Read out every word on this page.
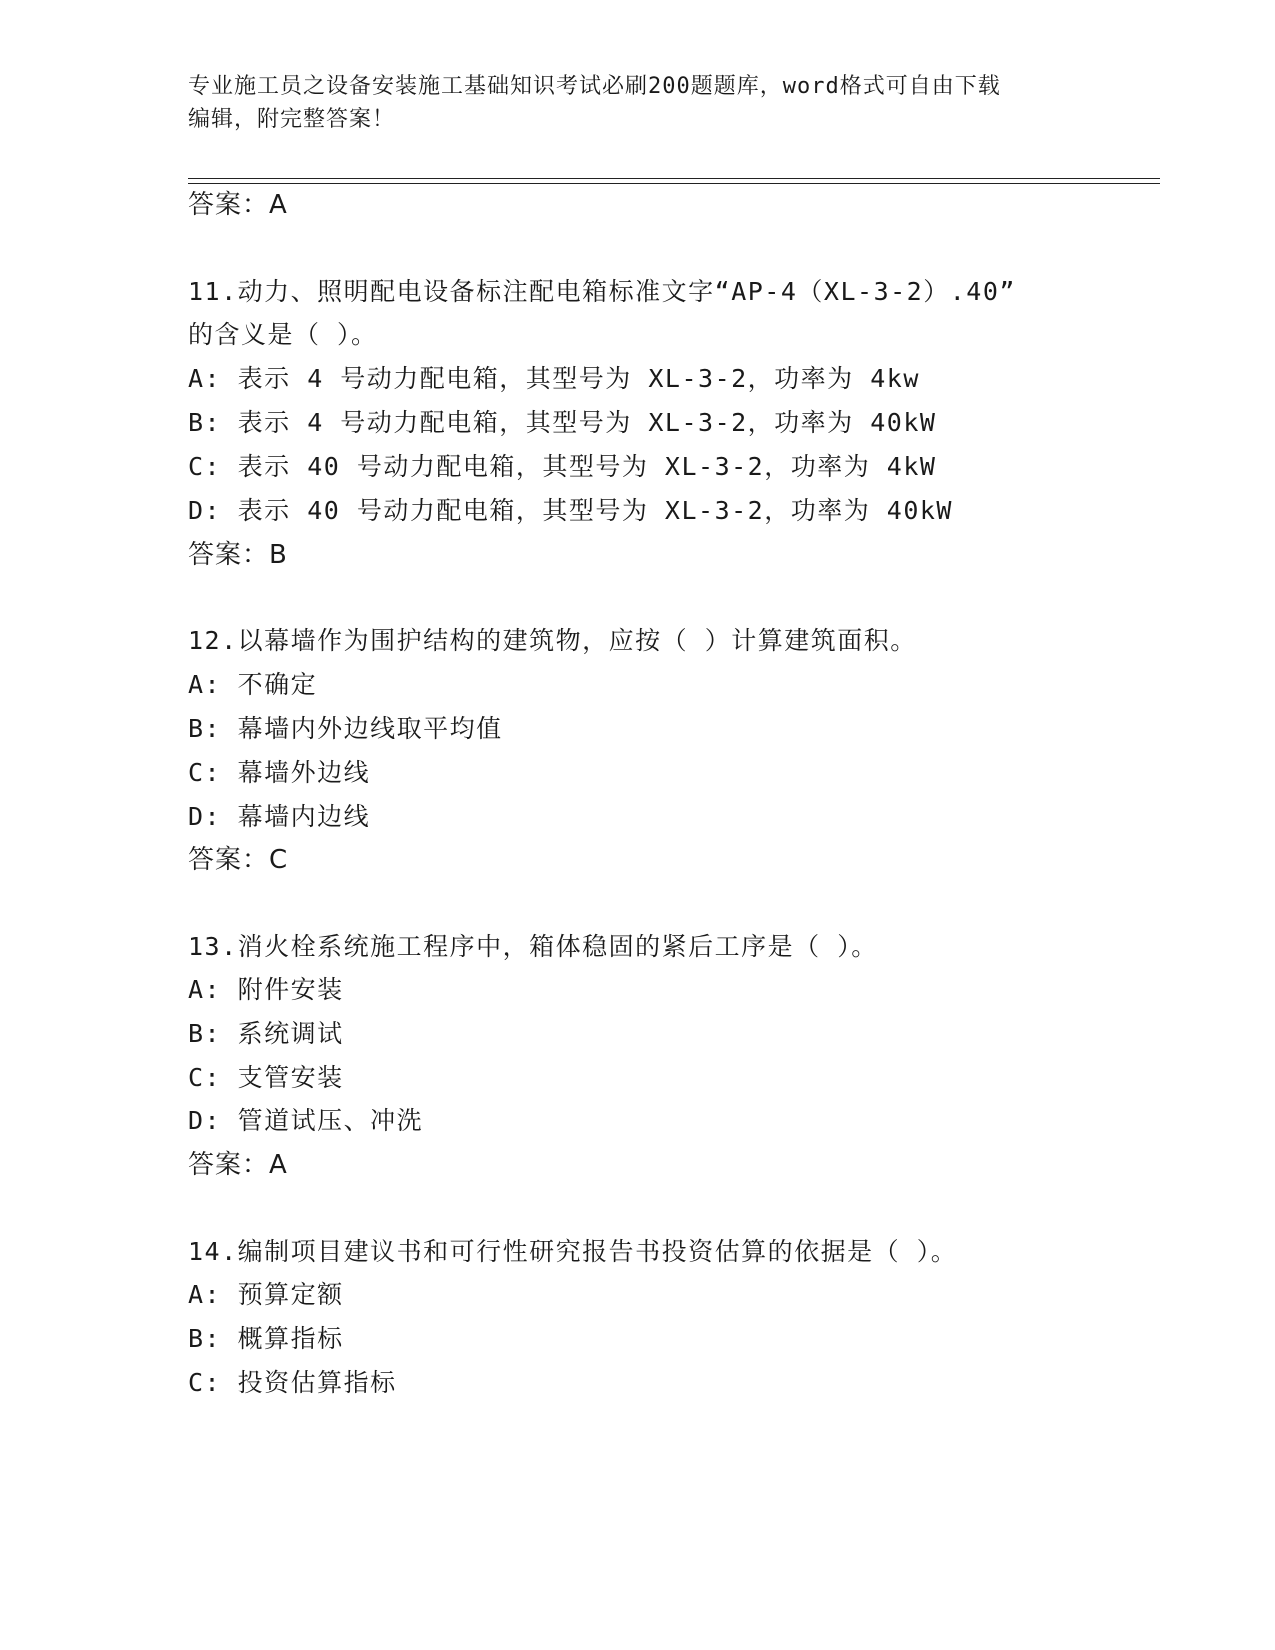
专业施工员之设备安装施工基础知识考试必刷200题题库，word格式可自由下载
编辑，附完整答案！
答案：A
11.动力、照明配电设备标注配电箱标准文字“AP-4（XL-3-2）.40”
的含义是（ ）。
A: 表示 4 号动力配电箱，其型号为 XL-3-2，功率为 4kw
B: 表示 4 号动力配电箱，其型号为 XL-3-2，功率为 40kW
C: 表示 40 号动力配电箱，其型号为 XL-3-2，功率为 4kW
D: 表示 40 号动力配电箱，其型号为 XL-3-2，功率为 40kW
答案：B
12.以幕墙作为围护结构的建筑物，应按（ ）计算建筑面积。
A: 不确定
B: 幕墙内外边线取平均值
C: 幕墙外边线
D: 幕墙内边线
答案：C
13.消火栓系统施工程序中，箱体稳固的紧后工序是（ ）。
A: 附件安装
B: 系统调试
C: 支管安装
D: 管道试压、冲洗
答案：A
14.编制项目建议书和可行性研究报告书投资估算的依据是（ ）。
A: 预算定额
B: 概算指标
C: 投资估算指标
